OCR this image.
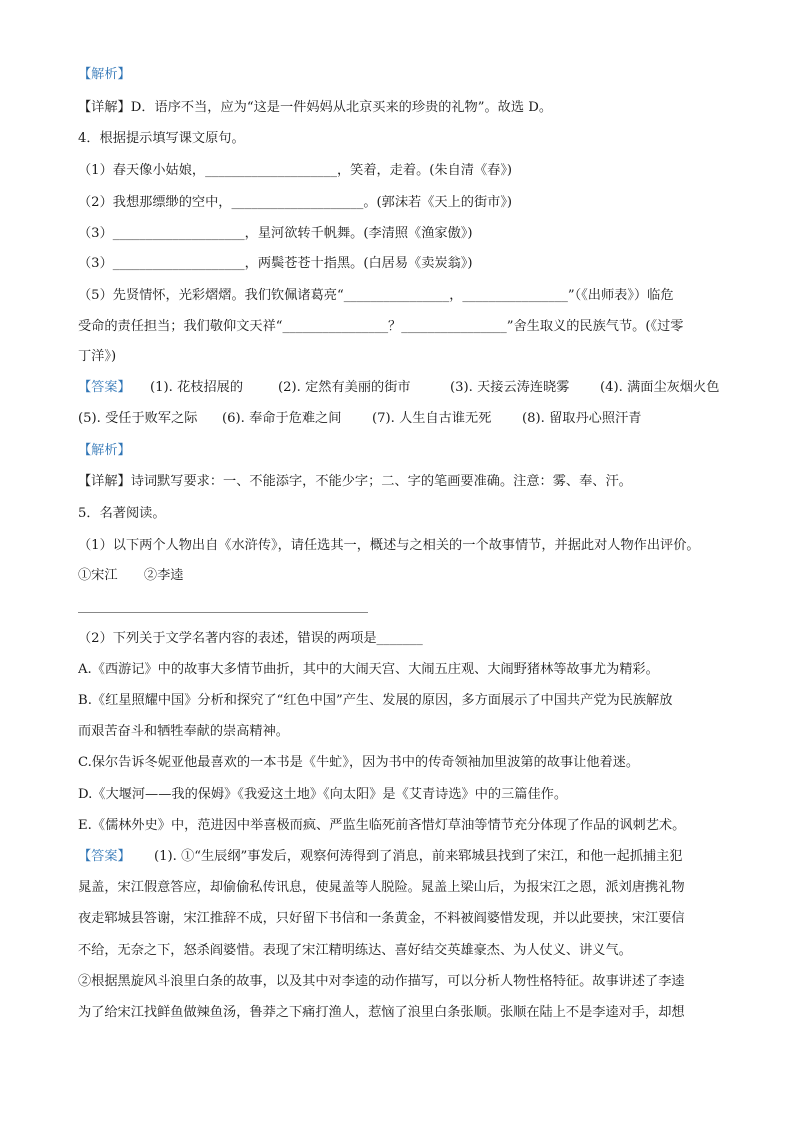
【解析】
【详解】D．语序不当，应为“这是一件妈妈从北京买来的珍贵的礼物”。故选 D。
4．根据提示填写课文原句。
（1）春天像小姑娘，____________________，笑着，走着。(朱自清《春》)
（2）我想那缥缈的空中，____________________。(郭沫若《天上的街市》)
（3）____________________，星河欲转千帆舞。(李清照《渔家傲》)
（3）____________________，两鬓苍苍十指黑。(白居易《卖炭翁》)
（5）先贤情怀，光彩熠熠。我们钦佩诸葛亮“________________，________________”（《出师表》）临危
受命的责任担当；我们敬仰文天祥“________________？________________”舍生取义的民族气节。(《过零
丁洋》)
【答案】 (1). 花枝招展的	(2). 定然有美丽的街市	(3). 天接云涛连晓雾 (4). 满面尘灰烟火色
(5). 受任于败军之际 (6). 奉命于危难之间 (7). 人生自古谁无死 (8). 留取丹心照汗青
【解析】
【详解】诗词默写要求：一、不能添字，不能少字；二、字的笔画要准确。注意：雾、奉、汗。
5．名著阅读。
（1）以下两个人物出自《水浒传》，请任选其一，概述与之相关的一个故事情节，并据此对人物作出评价。
①宋江　　②李逵
（2）下列关于文学名著内容的表述，错误的两项是_______
A.《西游记》中的故事大多情节曲折，其中的大闹天宫、大闹五庄观、大闹野猪林等故事尤为精彩。
B.《红星照耀中国》分析和探究了“红色中国”产生、发展的原因，多方面展示了中国共产党为民族解放
而艰苦奋斗和牺牲奉献的崇高精神。
C.保尔告诉冬妮亚他最喜欢的一本书是《牛虻》，因为书中的传奇领袖加里波第的故事让他着迷。
D.《大堰河——我的保姆》《我爱这土地》《向太阳》是《艾青诗选》中的三篇佳作。
E.《儒林外史》中，范进因中举喜极而疯、严监生临死前吝惜灯草油等情节充分体现了作品的讽刺艺术。
【答案】 (1). ①“生辰纲”事发后，观察何涛得到了消息，前来郓城县找到了宋江，和他一起抓捕主犯
晁盖，宋江假意答应，却偷偷私传讯息，使晁盖等人脱险。晁盖上梁山后，为报宋江之恩，派刘唐携礼物
夜走郓城县答谢，宋江推辞不成，只好留下书信和一条黄金，不料被阎婆惜发现，并以此要挟，宋江要信
不给，无奈之下，怒杀阎婆惜。表现了宋江精明练达、喜好结交英雄豪杰、为人仗义、讲义气。
②根据黑旋风斗浪里白条的故事，以及其中对李逵的动作描写，可以分析人物性格特征。故事讲述了李逵
为了给宋江找鲜鱼做辣鱼汤，鲁莽之下痛打渔人，惹恼了浪里白条张顺。张顺在陆上不是李逵对手，却想
